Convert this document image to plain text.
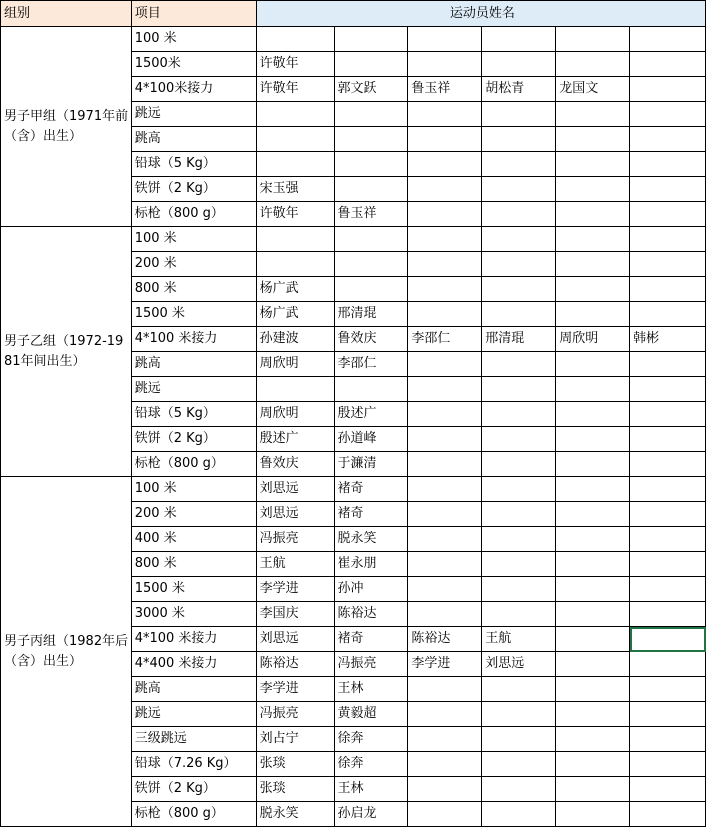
组别	项目	运动员姓名					
男子甲组（1971年前（含）出生）	100 米						
	1500米	许敬年					
	4*100米接力	许敬年	郭文跃	鲁玉祥	胡松青	龙国文	
	跳远						
	跳高						
	铅球（5 Kg）						
	铁饼（2 Kg）	宋玉强					
	标枪（800 g）	许敬年	鲁玉祥				
男子乙组（1972-1981年间出生）	100 米						
	200 米						
	800 米	杨广武					
	1500 米	杨广武	邢清琨				
	4*100 米接力	孙建波	鲁效庆	李邵仁	邢清琨	周欣明	韩彬
	跳高	周欣明	李邵仁				
	跳远						
	铅球（5 Kg）	周欣明	殷述广				
	铁饼（2 Kg）	殷述广	孙道峰				
	标枪（800 g）	鲁效庆	于濂清				
男子丙组（1982年后（含）出生）	100 米	刘思远	褚奇				
	200 米	刘思远	褚奇				
	400 米	冯振亮	脱永笑				
	800 米	王航	崔永朋				
	1500 米	李学进	孙冲				
	3000 米	李国庆	陈裕达				
	4*100 米接力	刘思远	褚奇	陈裕达	王航		
	4*400 米接力	陈裕达	冯振亮	李学进	刘思远		
	跳高	李学进	王林				
	跳远	冯振亮	黄毅超				
	三级跳远	刘占宁	徐奔				
	铅球（7.26 Kg）	张琰	徐奔				
	铁饼（2 Kg）	张琰	王林				
	标枪（800 g）	脱永笑	孙启龙				
